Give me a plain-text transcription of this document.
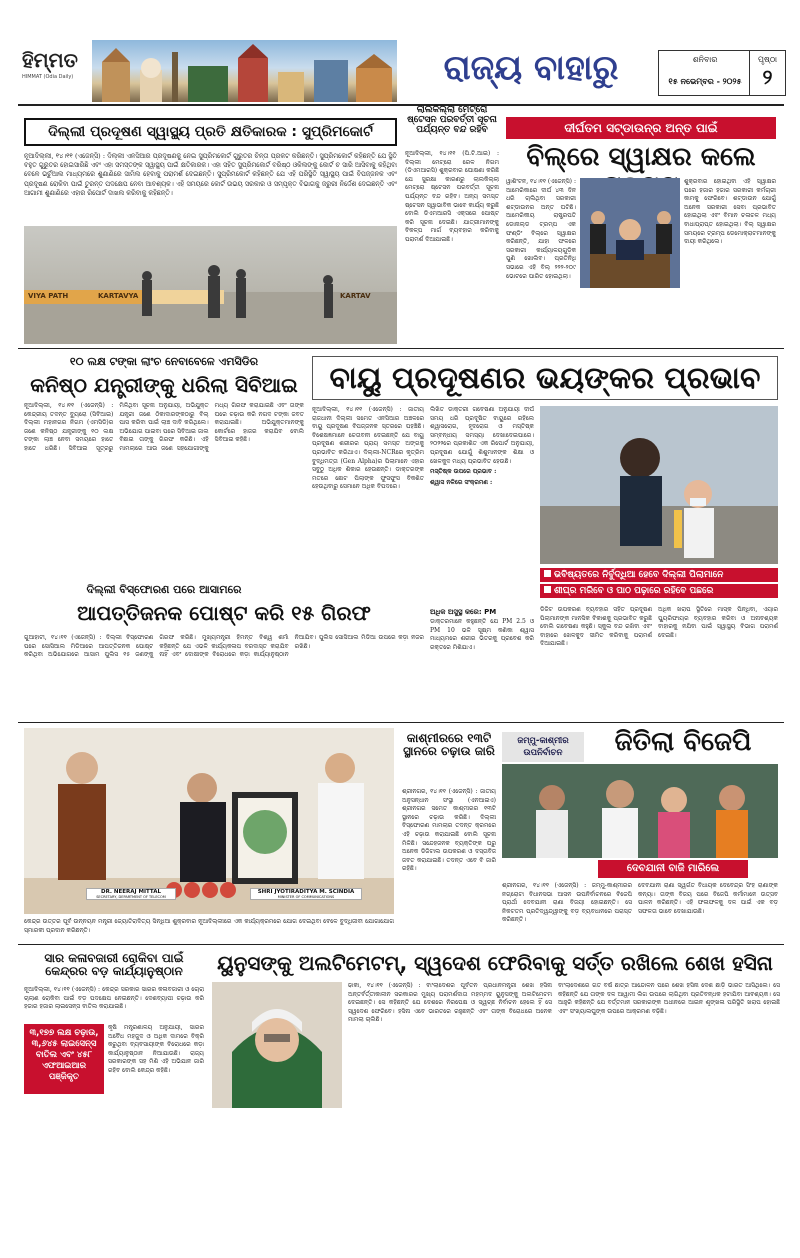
ହିମ୍ମତ
HIMMAT (Odia Daily)	ରାଜ୍ୟ ବାହାରୁ	ଶନିବାର
୧୫ ନଭେମ୍ବର - ୨୦୨୫
ପୃଷ୍ଠା
୨
ଦିଲ୍ଲୀ ପ୍ରଦୂଷଣ ସ୍ୱାସ୍ଥ୍ୟ ପ୍ରତି କ୍ଷତିକାରକ : ସୁପ୍ରିମକୋର୍ଟ
ନୂଆଦିଲ୍ଲୀ, ୧୪।୧୧ (ଏଜେନ୍ସି) : ଦିଲ୍ଲୀ ଏନସିଆର ପ୍ରଦୂଷଣକୁ ନେଇ ସୁପ୍ରିମକୋର୍ଟ ଗୁରୁତର ଚିନ୍ତା ପ୍ରକଟ କରିଛନ୍ତି। ସୁପ୍ରିମକୋର୍ଟ କହିଛନ୍ତି ଯେ ସ୍ଥିତି ବହୁତ ଗୁରୁତର ହୋଇସାରିଛି ଏବଂ ଏହା ସମସ୍ତଙ୍କ ସ୍ୱାସ୍ଥ୍ୟ ପାଇଁ କ୍ଷତିକାରକ। ଏହା ସହିତ ସୁପ୍ରିମକୋର୍ଟ ବରିଷ୍ଠ ଓକିଲଙ୍କୁ କୋର୍ଟ ଚ ସାରି ଆସିବାକୁ କହିଥିବା ବେଳେ ଭର୍ଚୁଆଲ ମାଧ୍ୟମରେ ଶୁଣାଣିରେ ସାମିଲ ହେବାକୁ ପରାମର୍ଶ ଦେଇଛନ୍ତି। ସୁପ୍ରିମକୋର୍ଟ କହିଛନ୍ତି ଯେ ଏହି ପରିସ୍ଥିତି ସ୍ୱାସ୍ଥ୍ୟ ପାଇଁ ବିପଜ୍ଜନକ ଏବଂ ପ୍ରଦୂଷଣ ରୋକିବା ପାଇଁ ତୁରନ୍ତ ପଦକ୍ଷେପ ନେବା ଆବଶ୍ୟକ। ଏହି ସମୟରେ କୋର୍ଟ ଉଭୟ ସରକାର ଓ ସମ୍ପୃକ୍ତ ବିଭାଗକୁ ଜରୁରୀ ନିର୍ଦ୍ଦେଶ ଦେଇଛନ୍ତି ଏବଂ ଆଗାମୀ ଶୁଣାଣିରେ ଏହାର ରିପୋର୍ଟ ଦାଖଲ କରିବାକୁ କହିଛନ୍ତି।
VIYA PATH	KARTAVYA	KARTAV
ଲାଲକିଲ୍ଲା ମେଟ୍ରୋ ଷ୍ଟେସନ ପରବର୍ତ୍ତୀ ସୂଚନା ପର୍ଯ୍ୟନ୍ତ ବନ୍ଦ ରହିବ
ନୂଆଦିଲ୍ଲୀ, ୧୪।୧୧ (ପି.ଟି.ଆଇ) : ଦିଲ୍ଲୀ ମେଟ୍ରୋ ରେଳ ନିଗମ (ଡିଏମଆରସି) ଶୁକ୍ରବାର ଘୋଷଣା କରିଛି ଯେ ସୁରକ୍ଷା କାରଣରୁ ଲାଲକିଲ୍ଲା ମେଟ୍ରୋ ଷ୍ଟେସନ ପରବର୍ତ୍ତୀ ସୂଚନା ପର୍ଯ୍ୟନ୍ତ ବନ୍ଦ ରହିବ। ଅନ୍ୟ ସମସ୍ତ ଷ୍ଟେସନ ସ୍ୱାଭାବିକ ଭାବେ କାର୍ଯ୍ୟ କରୁଛି ବୋଲି ଡିଏମଆରସି ଏକ୍ସରେ ପୋଷ୍ଟ କରି ସୂଚନା ଦେଇଛି। ଯାତ୍ରୀମାନଙ୍କୁ ବିକଳ୍ପ ମାର୍ଗ ବ୍ୟବହାର କରିବାକୁ ପରାମର୍ଶ ଦିଆଯାଇଛି।
ଦୀର୍ଘତମ ସଟ୍‌ଡାଉନ୍‌ର ଅନ୍ତ ପାଇଁ
ବିଲ୍‌ରେ ସ୍ୱାକ୍ଷର କଲେ
ୱାଶିଂଟନ, ୧୪।୧୧ (ଏଜେନ୍ସି) : ଆମେରିକାରେ ଦୀର୍ଘ ୪୩ ଦିନ ଧରି ଚାଲିଥିବା ସରକାରୀ ଶଟ୍‌ଡାଉନର ଅନ୍ତ ଘଟିଛି। ଆମେରିକୀୟ ରାଷ୍ଟ୍ରପତି ଡୋନାଲ୍ଡ ଟ୍ରମ୍ପ ଏକ ଫଣ୍ଡିଂ ବିଲ୍‌ରେ ସ୍ୱାକ୍ଷର କରିଛନ୍ତି, ଯାହା ଫଳରେ ସରକାରୀ କାର୍ଯ୍ୟାଳୟଗୁଡ଼ିକ ପୁଣି ଖୋଲିବ। ପ୍ରତିନିଧି ସଭାରେ ଏହି ବିଲ୍ ୨୨୨-୨୦୯ ଭୋଟରେ ପାରିତ ହୋଇଥିଲା।
ଶୁକ୍ରବାର ହୋଇଥିବା ଏହି ସ୍ୱାକ୍ଷର ପରେ ହଜାର ହଜାର ସରକାରୀ କର୍ମଚାରୀ କାମକୁ ଫେରିବେ। ଶଟ୍‌ଡାଉନ ଯୋଗୁଁ ଅନେକ ସରକାରୀ ସେବା ପ୍ରଭାବିତ ହୋଇଥିଲା ଏବଂ ବିମାନ ଚଳାଚଳ ମଧ୍ୟ ବାଧାପ୍ରାପ୍ତ ହୋଇଥିଲା। ବିଲ୍ ସ୍ୱାକ୍ଷର ସମୟରେ ଟ୍ରମ୍ପ ଡେମୋକ୍ରାଟମାନଙ୍କୁ ଦାୟୀ କରିଥିଲେ।
୧୦ ଲକ୍ଷ ଟଙ୍କା ଲାଂଚ ନେବାବେଳେ ଏମସିଡିର
କନିଷ୍ଠ ଯନ୍ତ୍ରୀଙ୍କୁ ଧରିଲା ସିବିଆଇ
ନୂଆଦିଲ୍ଲୀ, ୧୪।୧୧ (ଏଜେନ୍ସି) : କେନ୍ଦ୍ରୀୟ ତଦନ୍ତ ବ୍ୟୁରୋ (ସିବିଆଇ) ଦିଲ୍ଲୀ ମହାନଗର ନିଗମ (ଏମସିଡି)ର ଜଣେ କନିଷ୍ଠ ଯନ୍ତ୍ରୀଙ୍କୁ ୧୦ ଲକ୍ଷ ଟଙ୍କା ଲାଞ୍ଚ ନେବା ସମୟରେ ହାତେ ହାତେ ଧରିଛି। ସିବିଆଇ ସୂତ୍ରରୁ ମିଳିଥିବା ସୂଚନା ଅନୁଯାୟୀ, ଅଭିଯୁକ୍ତ ଯନ୍ତ୍ରୀ ଜଣେ ଠିକାଦାରଙ୍କଠାରୁ ବିଲ୍ ପାସ କରିବା ପାଇଁ ଲାଞ୍ଚ ଦାବି କରିଥିଲେ। ଅଭିଯୋଗ ପାଇବା ପରେ ସିବିଆଇ ଜାଲ ବିଛାଇ ତାଙ୍କୁ ଗିରଫ କରିଛି। ଏହି ମାମଲାରେ ଆଉ ଜଣେ ସହଯୋଗୀଙ୍କୁ ମଧ୍ୟ ଗିରଫ କରାଯାଇଛି ଏବଂ ତାଙ୍କ ଘରେ ଚଢ଼ାଉ କରି ନଗଦ ଟଙ୍କା ଜବତ କରାଯାଇଛି। ଅଭିଯୁକ୍ତମାନଙ୍କୁ କୋର୍ଟରେ ହାଜର କରାଯିବ ବୋଲି ସିବିଆଇ କହିଛି।
ବାୟୁ ପ୍ରଦୂଷଣର ଭୟଙ୍କର ପ୍ରଭାବ
ନୂଆଦିଲ୍ଲୀ, ୧୪।୧୧ (ଏଜେନ୍ସି) : ଜାତୀୟ ରାଜଧାନୀ ଦିଲ୍ଲୀ ସମେତ ଏନସିଆର ଅଞ୍ଚଳରେ ବାୟୁ ପ୍ରଦୂଷଣ ବିପଜ୍ଜନକ ସ୍ତରରେ ପହଞ୍ଚିଛି। ବିଶେଷଜ୍ଞମାନେ ଚେତାବନୀ ଦେଇଛନ୍ତି ଯେ ବାୟୁ ପ୍ରଦୂଷଣ ଶରୀରର ପ୍ରାୟ ସମସ୍ତ ଅଙ୍ଗକୁ ପ୍ରଭାବିତ କରିଥାଏ। ଦିଲ୍ଲୀ-NCRରେ କୃତ୍ରିମ ବୁଦ୍ଧିମତ୍ତା (Gen Alpha)ର ପିଲାମାନେ ଏହାର ସବୁଠୁ ଅଧିକ ଶିକାର ହେଉଛନ୍ତି। ଡାକ୍ତରଙ୍କ ମତରେ ଛୋଟ ପିଲାଙ୍କ ଫୁସଫୁସ ବିକଶିତ ହେଉଥିବାରୁ ସେମାନେ ଅଧିକ ବିପଦରେ।
ଲିଖିତ ଡାକ୍ତରୀ ଗବେଷଣା ଅନୁଯାୟୀ ଦୀର୍ଘ ସମୟ ଧରି ପ୍ରଦୂଷିତ ବାୟୁରେ ରହିଲେ ଶ୍ୱାସରୋଗ, ହୃଦରୋଗ ଓ ମସ୍ତିଷ୍କ ସମ୍ବନ୍ଧୀୟ ସମସ୍ୟା ଦେଖାଦେଇପାରେ। ୨୦୨୨ରେ ପ୍ରକାଶିତ ଏକ ରିପୋର୍ଟ ଅନୁଯାୟୀ, ପ୍ରଦୂଷଣ ଯୋଗୁଁ ଶିଶୁମାନଙ୍କ ଶିକ୍ଷା ଓ ଖେଳକୁଦ ମଧ୍ୟ ପ୍ରଭାବିତ ହେଉଛି।
ମସ୍ତିଷ୍କ ଉପରେ ପ୍ରଭାବ :
ଶ୍ୱାସ ନଳିରେ ସଂକ୍ରମଣ :
ଭବିଷ୍ୟତରେ ନିର୍ବୁଦ୍ଧିଆ ହେବେ ଦିଲ୍ଲୀ ପିଲାମାନେ
ଶୀଘ୍ର ମରିବେ ଓ ପାଠ ପଢ଼ାରେ ରହିବେ ପଛରେ
ଅଧିକ ଅସୁସ୍ଥ କରେ: PM
ଡାକ୍ତରମାନେ କହୁଛନ୍ତି ଯେ PM 2.5 ଓ PM 10 ଭଳି ସୂକ୍ଷ୍ମ କଣିକା ଶ୍ୱାସ ମାଧ୍ୟମରେ ଶରୀର ଭିତରକୁ ପ୍ରବେଶ କରି ରକ୍ତରେ ମିଶିଯାଏ।
ଡିଜିଟ ଉପକରଣ ବ୍ୟବହାର ସହିତ ପ୍ରଦୂଷଣ ପିଲାମାନଙ୍କ ମାନସିକ ବିକାଶକୁ ପ୍ରଭାବିତ କରୁଛି ବୋଲି ଗବେଷଣା କହୁଛି। ସ୍କୁଲ ବନ୍ଦ ରଖିବା ଏବଂ ବାହାରେ ଖେଳକୁଦ ସୀମିତ କରିବାକୁ ପରାମର୍ଶ ଦିଆଯାଇଛି।
ଅଧିକ ଖରାପ ସ୍ଥିତିରେ ମାସ୍କ ପିନ୍ଧିବା, ଏୟାର ପ୍ୟୁରିଫାୟର ବ୍ୟବହାର କରିବା ଓ ଅନାବଶ୍ୟକ ବାହାରକୁ ନଯିବା ପାଇଁ ସ୍ୱାସ୍ଥ୍ୟ ବିଭାଗ ପରାମର୍ଶ ଦେଇଛି।
ଦିଲ୍ଲୀ ବିସ୍ଫୋରଣ ପରେ ଆସାମରେ
ଆପତ୍ତିଜନକ ପୋଷ୍ଟ କରି ୧୫ ଗିରଫ
ଗୁଆହାଟୀ, ୧୪।୧୧ (ଏଜେନ୍ସି) : ଦିଲ୍ଲୀ ବିସ୍ଫୋରଣ ପରେ ସୋସିଆଲ ମିଡିଆରେ ଆପତ୍ତିଜନକ ପୋଷ୍ଟ କରିଥିବା ଅଭିଯୋଗରେ ଆସାମ ପୁଲିସ ୧୫ ଜଣଙ୍କୁ ଗିରଫ କରିଛି। ମୁଖ୍ୟମନ୍ତ୍ରୀ ହିମନ୍ତ ବିଶ୍ୱ ଶର୍ମା କହିଛନ୍ତି ଯେ ଏଭଳି କାର୍ଯ୍ୟକଳାପ ବରଦାସ୍ତ କରାଯିବ ନାହିଁ ଏବଂ ଦୋଷୀଙ୍କ ବିରୋଧରେ କଡ଼ା କାର୍ଯ୍ୟାନୁଷ୍ଠାନ ନିଆଯିବ। ପୁଲିସ ସୋସିଆଲ ମିଡିଆ ଉପରେ କଡ଼ା ନଜର ରଖିଛି।
DR. NEERAJ MITTAL
SECRETARY, DEPARTMENT OF TELECOM
SHRI JYOTIRADITYA M. SCINDIA
MINISTER OF COMMUNICATIONS
କେନ୍ଦ୍ର ଉତ୍ତର ପୂର୍ବ ଉନ୍ନୟନ ମନ୍ତ୍ରୀ ଜ୍ୟୋତିରାଦିତ୍ୟ ସିନ୍ଧିଆ ଶୁକ୍ରବାର ନୂଆଦିଲ୍ଲୀରେ ଏକ କାର୍ଯ୍ୟକ୍ରମରେ ଯୋଗ ଦେଇଥିବା ବେଳେ ବୁଦ୍ଧିଜୀବୀ ଯୋଗାଯୋଗ ସ୍ମାରକୀ ପ୍ରଦାନ କରିଛନ୍ତି।
କାଶ୍ମୀରରେ ୧୩ଟି ସ୍ଥାନରେ ଚଢ଼ାଉ ଜାରି
ଶ୍ରୀନଗର, ୧୪।୧୧ (ଏଜେନ୍ସି) : ଜାତୀୟ ଅନୁସନ୍ଧାନ ସଂସ୍ଥା (ଏନଆଇଏ) ଶ୍ରୀନଗର ସମେତ କାଶ୍ମୀରର ୧୩ଟି ସ୍ଥାନରେ ଚଢ଼ାଉ କରିଛି। ଦିଲ୍ଲୀ ବିସ୍ଫୋରଣ ମାମଲାର ତଦନ୍ତ କ୍ରମରେ ଏହି ଚଢ଼ାଉ କରାଯାଇଛି ବୋଲି ସୂଚନା ମିଳିଛି। ସନ୍ଦେହଜନକ ବ୍ୟକ୍ତିଙ୍କ ଘରୁ ଅନେକ ଡିଜିଟାଲ ଉପକରଣ ଓ ଦସ୍ତାବିଜ ଜବତ କରାଯାଇଛି। ତଦନ୍ତ ଏବେ ବି ଜାରି ରହିଛି।
ଜମ୍ମୁ-କାଶ୍ମୀର
ଉପନିର୍ବାଚନ	ଜିତିଲା ବିଜେପି
ଦେବଯାନୀ ବାଜି ମାରିଲେ
ଶ୍ରୀନଗର, ୧୪।୧୧ (ଏଜେନ୍ସି) : ଜମ୍ମୁ-କାଶ୍ମୀରର ନଗ୍ରୋଟା ବିଧାନସଭା ଆସନ ଉପନିର୍ବାଚନରେ ବିଜେପି ପ୍ରାର୍ଥୀ ଦେବଯାନୀ ରାଣା ବିଜୟୀ ହୋଇଛନ୍ତି। ସେ ନିକଟତମ ପ୍ରତିଦ୍ୱନ୍ଦ୍ୱୀଙ୍କୁ ବଡ଼ ବ୍ୟବଧାନରେ ପରାସ୍ତ କରିଛନ୍ତି।
ଦେବଯାନୀ ରାଣା ସ୍ୱର୍ଗତ ବିଧାୟକ ଦେବେନ୍ଦ୍ର ସିଂହ ରାଣାଙ୍କ କନ୍ୟା। ତାଙ୍କ ବିଜୟ ପରେ ବିଜେପି କର୍ମୀମାନେ ଉତ୍ସବ ପାଳନ କରିଛନ୍ତି। ଏହି ଫଳାଫଳକୁ ଦଳ ପାଇଁ ଏକ ବଡ଼ ସଫଳତା ଭାବେ ଦେଖାଯାଉଛି।
ସାର କଳାବଜାରୀ ରୋକିବା ପାଇଁ କେନ୍ଦ୍ରର ବଡ଼ କାର୍ଯ୍ୟାନୁଷ୍ଠାନ
ନୂଆଦିଲ୍ଲୀ, ୧୪।୧୧ (ଏଜେନ୍ସି) : କେନ୍ଦ୍ର ସରକାର ସାରର କଳାବଜାରୀ ଓ ଚୋରା ଚାଲାଣ ରୋକିବା ପାଇଁ ବଡ଼ ପଦକ୍ଷେପ ନେଇଛନ୍ତି। ଦେଶବ୍ୟାପୀ ଚଢ଼ାଉ କରି ହଜାର ହଜାର ଲାଇସେନ୍ସ ବାତିଲ କରାଯାଇଛି।
୩,୧୭୭ ଲକ୍ଷ ଚଢ଼ାଉ, ୩,୬୪୫ ଲାଇସେନ୍ସ ବାତିଲ ଏବଂ ୪୫୮ ଏଫଆଇଆର ପଞ୍ଜିକୃତ
କୃଷି ମନ୍ତ୍ରଣାଳୟ ଅନୁଯାୟୀ, ସାରର ଅବୈଧ ମହଜୁଦ ଓ ଅଧିକ ଦାମରେ ବିକ୍ରି କରୁଥିବା ବ୍ୟବସାୟୀଙ୍କ ବିରୋଧରେ କଡ଼ା କାର୍ଯ୍ୟାନୁଷ୍ଠାନ ନିଆଯାଉଛି। ରାଜ୍ୟ ସରକାରଙ୍କ ସହ ମିଶି ଏହି ଅଭିଯାନ ଜାରି ରହିବ ବୋଲି କେନ୍ଦ୍ର କହିଛି।
ୟୁନୁସଙ୍କୁ ଅଲଟିମେଟମ୍, ସ୍ୱଦେଶ ଫେରିବାକୁ ସର୍ତ୍ତ ରଖିଲେ ଶେଖ ହସିନା
ଢାକା, ୧୪।୧୧ (ଏଜେନ୍ସି) : ବାଂଲାଦେଶର ପୂର୍ବତନ ପ୍ରଧାନମନ୍ତ୍ରୀ ଶେଖ ହସିନା ଅନ୍ତର୍ବର୍ତ୍ତୀକାଳୀନ ସରକାରର ମୁଖ୍ୟ ପରାମର୍ଶଦାତା ମହମ୍ମଦ ୟୁନୁସଙ୍କୁ ଅଲଟିମେଟମ ଦେଇଛନ୍ତି। ସେ କହିଛନ୍ତି ଯେ ଦେଶରେ ନିରପେକ୍ଷ ଓ ସ୍ୱଚ୍ଛ ନିର୍ବାଚନ ହେଲେ ହିଁ ସେ ସ୍ୱଦେଶ ଫେରିବେ। ହସିନା ଏବେ ଭାରତରେ ରହୁଛନ୍ତି ଏବଂ ତାଙ୍କ ବିରୋଧରେ ଅନେକ ମାମଲା ଚାଲିଛି।
ବାଂଲାଦେଶରେ ଗତ ବର୍ଷ ଛାତ୍ର ଆନ୍ଦୋଳନ ପରେ ଶେଖ ହସିନା ଦେଶ ଛାଡ଼ି ଭାରତ ଆସିଥିଲେ। ସେ କହିଛନ୍ତି ଯେ ତାଙ୍କ ଦଳ ଆୱାମୀ ଲିଗ ଉପରେ ଲାଗିଥିବା ପ୍ରତିବନ୍ଧକ ହଟାଯିବା ଆବଶ୍ୟକ। ସେ ଆହୁରି କହିଛନ୍ତି ଯେ ବର୍ତ୍ତମାନ ସରକାରଙ୍କ ଅଧୀନରେ ଆଇନ ଶୃଙ୍ଖଳା ପରିସ୍ଥିତି ଖରାପ ହୋଇଛି ଏବଂ ସଂଖ୍ୟାଲଘୁଙ୍କ ଉପରେ ଆକ୍ରମଣ ବଢ଼ିଛି।
